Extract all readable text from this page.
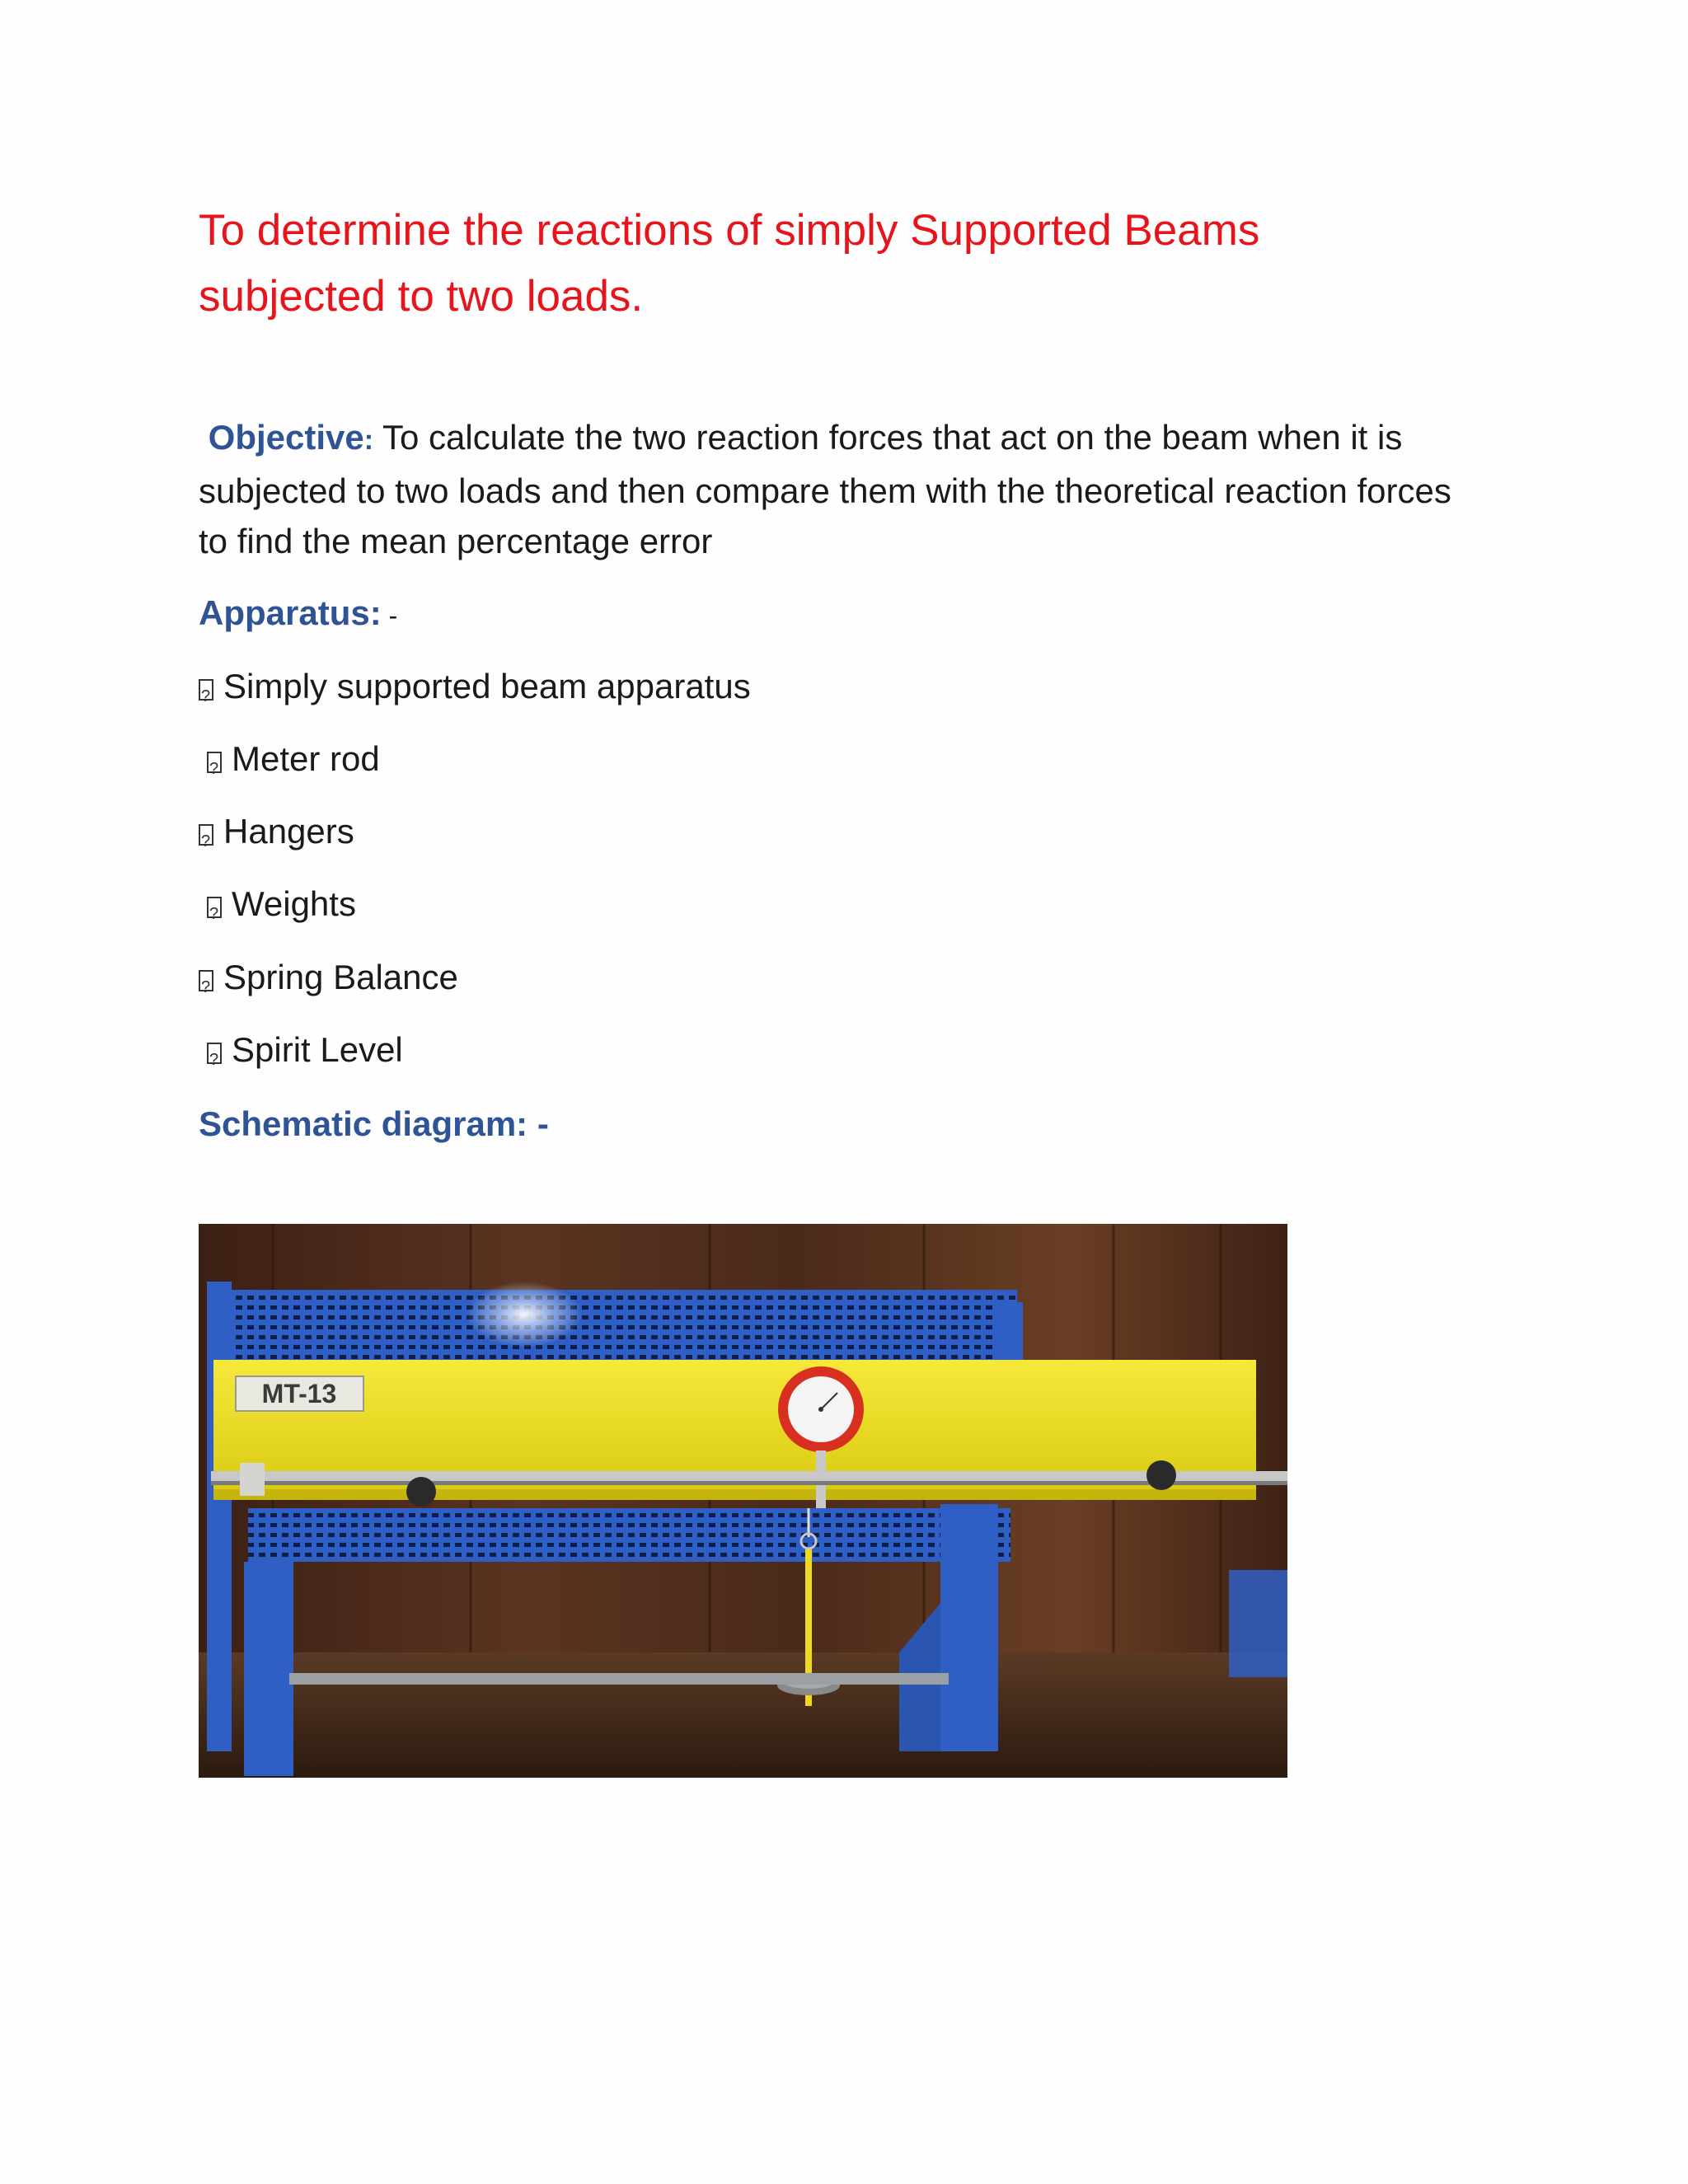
To determine the reactions of simply Supported Beams subjected to two loads.

Objective: To calculate the two reaction forces that act on the beam when it is subjected to two loads and then compare them with the theoretical reaction forces to find the mean percentage error

Apparatus: -

?Simply supported beam apparatus
?Meter rod
?Hangers
?Weights
?Spring Balance
?Spirit Level

Schematic diagram: -

MT-13
